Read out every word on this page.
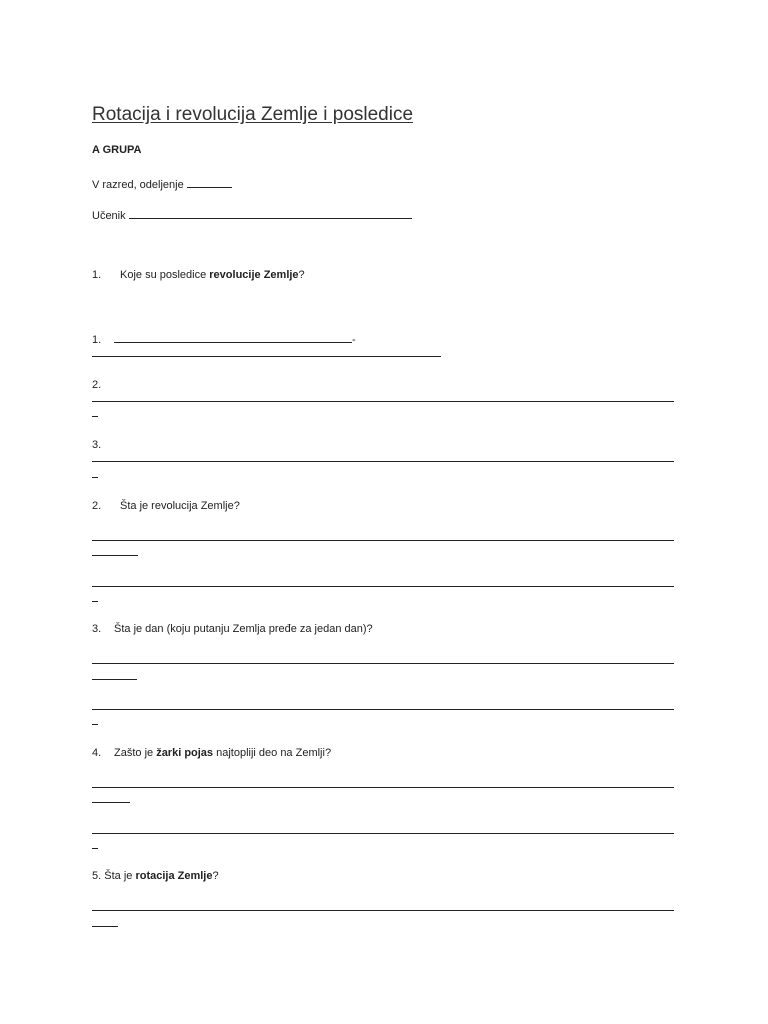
Rotacija i revolucija Zemlje i posledice
A GRUPA
V razred, odeljenje
Učenik
1. Koje su posledice revolucije Zemlje?
1.	-
2.
3.
2. Šta je revolucija Zemlje?
3. Šta je dan (koju putanju Zemlja pređe za jedan dan)?
4. Zašto je žarki pojas najtopliji deo na Zemlji?
5. Šta je rotacija Zemlje?
